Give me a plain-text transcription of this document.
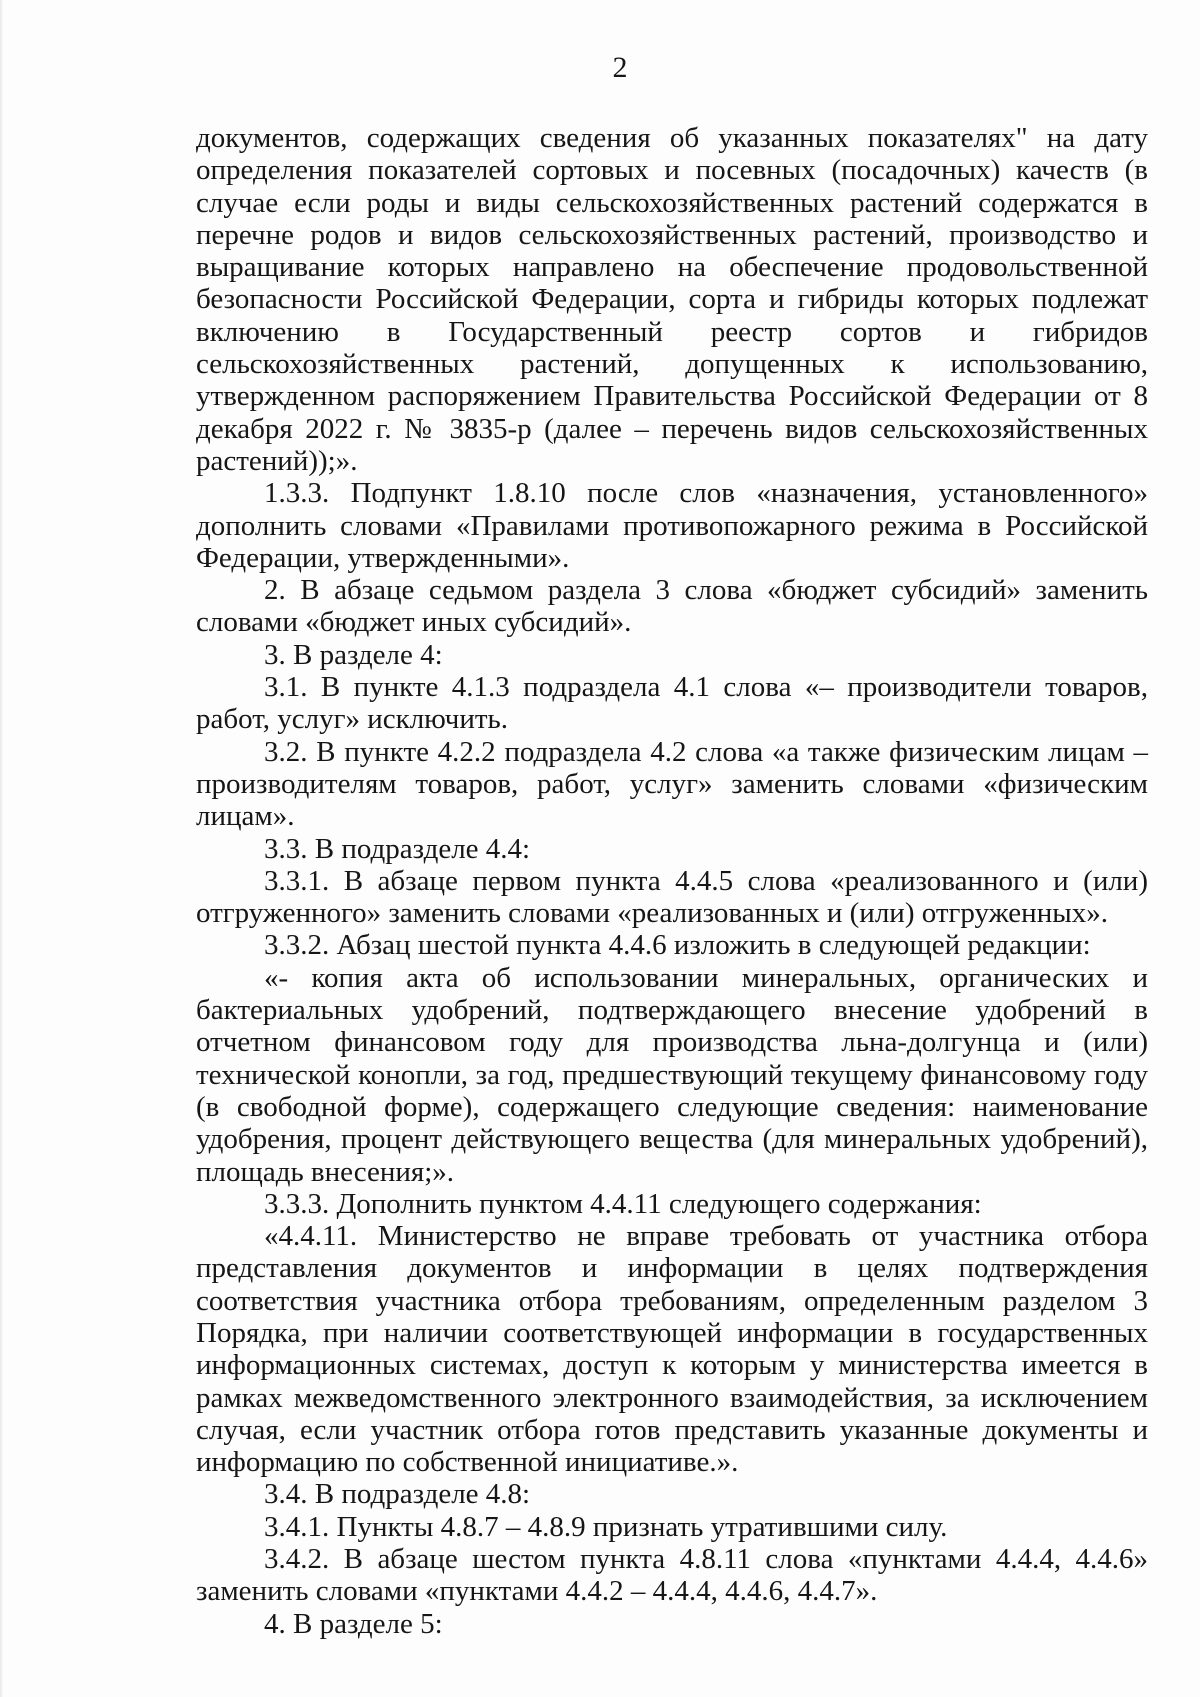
2

документов, содержащих сведения об указанных показателях" на дату определения показателей сортовых и посевных (посадочных) качеств (в случае если роды и виды сельскохозяйственных растений содержатся в перечне родов и видов сельскохозяйственных растений, производство и выращивание которых направлено на обеспечение продовольственной безопасности Российской Федерации, сорта и гибриды которых подлежат включению в Государственный реестр сортов и гибридов сельскохозяйственных растений, допущенных к использованию, утвержденном распоряжением Правительства Российской Федерации от 8 декабря 2022 г. № 3835-р (далее – перечень видов сельскохозяйственных растений));».

1.3.3. Подпункт 1.8.10 после слов «назначения, установленного» дополнить словами «Правилами противопожарного режима в Российской Федерации, утвержденными».

2. В абзаце седьмом раздела 3 слова «бюджет субсидий» заменить словами «бюджет иных субсидий».

3. В разделе 4:

3.1. В пункте 4.1.3 подраздела 4.1 слова «– производители товаров, работ, услуг» исключить.

3.2. В пункте 4.2.2 подраздела 4.2 слова «а также физическим лицам – производителям товаров, работ, услуг» заменить словами «физическим лицам».

3.3. В подразделе 4.4:

3.3.1. В абзаце первом пункта 4.4.5 слова «реализованного и (или) отгруженного» заменить словами «реализованных и (или) отгруженных».

3.3.2. Абзац шестой пункта 4.4.6 изложить в следующей редакции:

«- копия акта об использовании минеральных, органических и бактериальных удобрений, подтверждающего внесение удобрений в отчетном финансовом году для производства льна-долгунца и (или) технической конопли, за год, предшествующий текущему финансовому году (в свободной форме), содержащего следующие сведения: наименование удобрения, процент действующего вещества (для минеральных удобрений), площадь внесения;».

3.3.3. Дополнить пунктом 4.4.11 следующего содержания:

«4.4.11. Министерство не вправе требовать от участника отбора представления документов и информации в целях подтверждения соответствия участника отбора требованиям, определенным разделом 3 Порядка, при наличии соответствующей информации в государственных информационных системах, доступ к которым у министерства имеется в рамках межведомственного электронного взаимодействия, за исключением случая, если участник отбора готов представить указанные документы и информацию по собственной инициативе.».

3.4. В подразделе 4.8:

3.4.1. Пункты 4.8.7 – 4.8.9 признать утратившими силу.

3.4.2. В абзаце шестом пункта 4.8.11 слова «пунктами 4.4.4, 4.4.6» заменить словами «пунктами 4.4.2 – 4.4.4, 4.4.6, 4.4.7».

4. В разделе 5:
